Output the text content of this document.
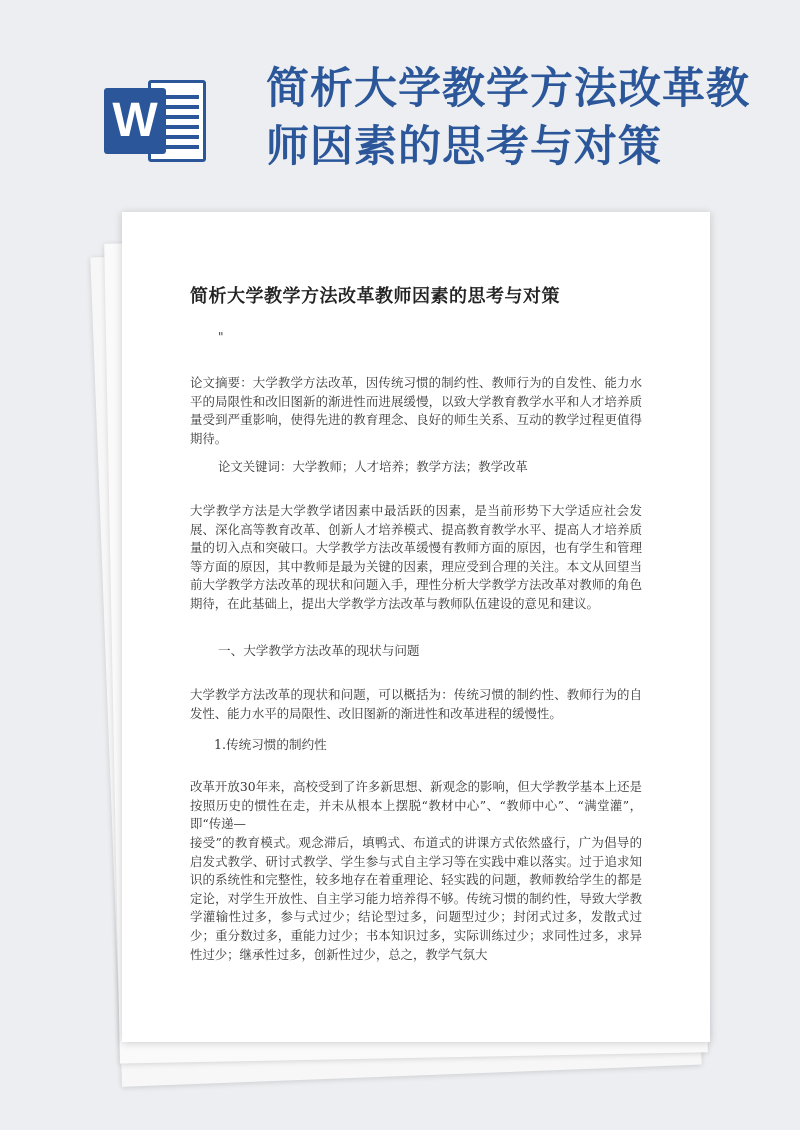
W
简析大学教学方法改革教师因素的思考与对策
简析大学教学方法改革教师因素的思考与对策
"
论文摘要：大学教学方法改革，因传统习惯的制约性、教师行为的自发性、能力水平的局限性和改旧图新的渐进性而进展缓慢，以致大学教育教学水平和人才培养质量受到严重影响，使得先进的教育理念、良好的师生关系、互动的教学过程更值得期待。
论文关键词：大学教师；人才培养；教学方法；教学改革
大学教学方法是大学教学诸因素中最活跃的因素，是当前形势下大学适应社会发展、深化高等教育改革、创新人才培养模式、提高教育教学水平、提高人才培养质量的切入点和突破口。大学教学方法改革缓慢有教师方面的原因，也有学生和管理等方面的原因，其中教师是最为关键的因素，理应受到合理的关注。本文从回望当前大学教学方法改革的现状和问题入手，理性分析大学教学方法改革对教师的角色期待，在此基础上，提出大学教学方法改革与教师队伍建设的意见和建议。
一、大学教学方法改革的现状与问题
大学教学方法改革的现状和问题，可以概括为：传统习惯的制约性、教师行为的自发性、能力水平的局限性、改旧图新的渐进性和改革进程的缓慢性。
1.传统习惯的制约性
改革开放30年来，高校受到了许多新思想、新观念的影响，但大学教学基本上还是按照历史的惯性在走，并未从根本上摆脱“教材中心”、“教师中心”、“满堂灌”，即“传递—
接受”的教育模式。观念滞后，填鸭式、布道式的讲课方式依然盛行，广为倡导的启发式教学、研讨式教学、学生参与式自主学习等在实践中难以落实。过于追求知识的系统性和完整性，较多地存在着重理论、轻实践的问题，教师教给学生的都是定论，对学生开放性、自主学习能力培养得不够。传统习惯的制约性，导致大学教学灌输性过多，参与式过少；结论型过多，问题型过少；封闭式过多，发散式过少；重分数过多，重能力过少；书本知识过多，实际训练过少；求同性过多，求异性过少；继承性过多，创新性过少，总之，教学气氛大
